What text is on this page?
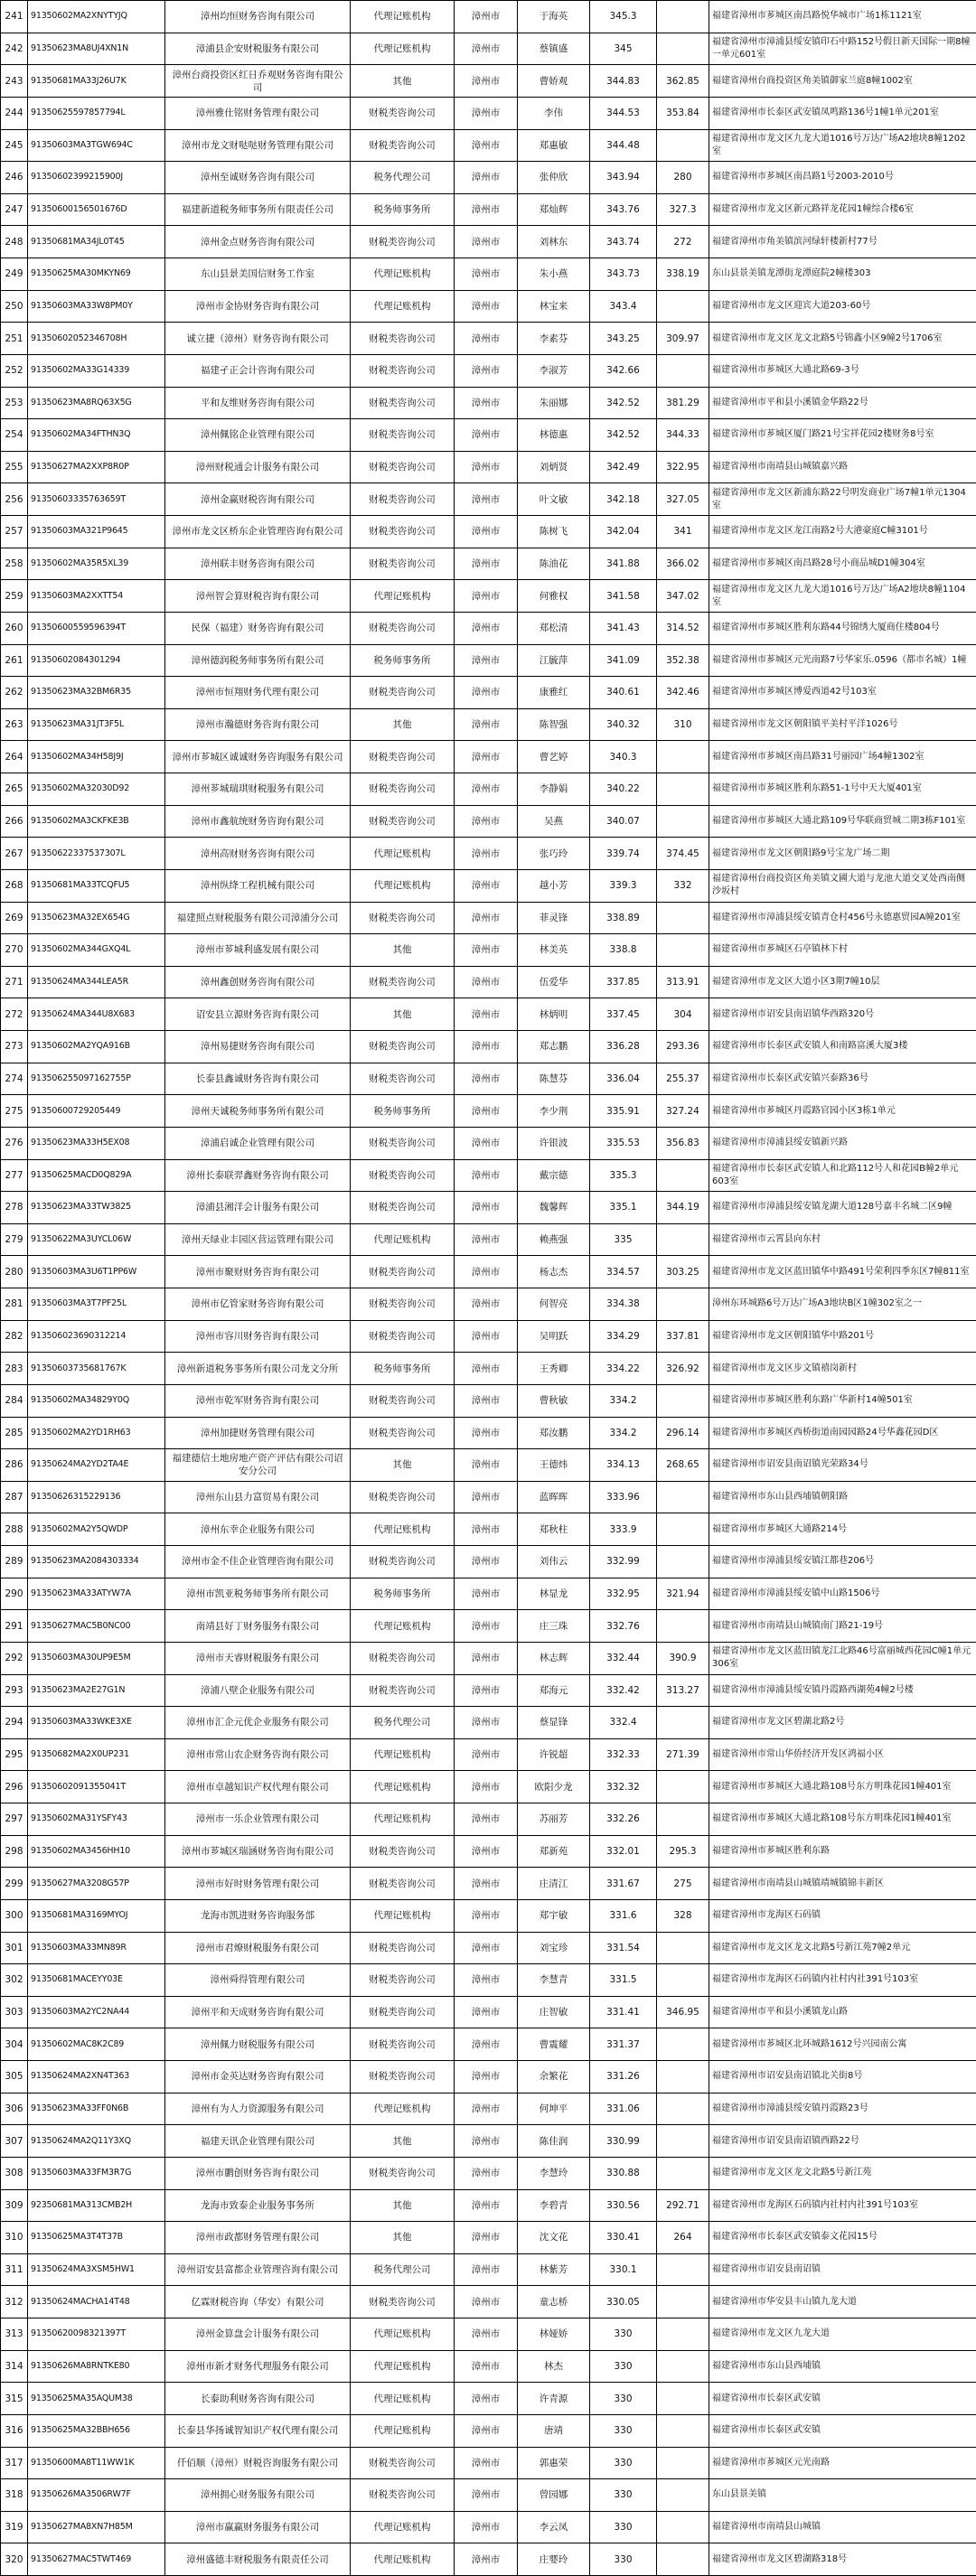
241	91350602MA2XNYTYJQ	漳州均恒财务咨询有限公司	代理记账机构	漳州市	于海英	345.3		福建省漳州市芗城区南昌路悦华城市广场1栋1121室
242	91350623MA8UJ4XN1N	漳浦县企安财税服务有限公司	代理记账机构	漳州市	蔡镇盛	345		福建省漳州市漳浦县绥安镇印石中路152号假日新天国际一期8幢一单元601室
243	91350681MA33J26U7K	漳州台商投资区红日乔观财务咨询有限公司	其他	漳州市	曹娇观	344.83	362.85	福建省漳州台商投资区角美镇御家兰庭8幢1002室
244	91350625597857794L	漳州雅仕铭财务管理有限公司	财税类咨询公司	漳州市	李伟	344.53	353.84	福建省漳州市长泰区武安镇凤鸣路136号1幢1单元201室
245	91350603MA3TGW694C	漳州市龙文财哒哒财务管理有限公司	财税类咨询公司	漳州市	郑惠敏	344.48		福建省漳州市龙文区九龙大道1016号万达广场A2地块8幢1202室
246	91350602399215900J	漳州至诚财务咨询有限公司	税务代理公司	漳州市	张仲欣	343.94	280	福建省漳州市芗城区南昌路1号2003-2010号
247	91350600156501676D	福建新道税务师事务所有限责任公司	税务师事务所	漳州市	郑灿辉	343.76	327.3	福建省漳州市龙文区新元路祥龙花园1幢综合楼6室
248	91350681MA34JL0T45	漳州金点财务咨询有限公司	财税类咨询公司	漳州市	刘林东	343.74	272	福建省漳州市角美镇滨河绿轩楼新村77号
249	91350625MA30MKYN69	东山县景美国信财务工作室	代理记账机构	漳州市	朱小燕	343.73	338.19	东山县景美镇龙潭街龙潭庭院2幢楼303
250	91350603MA33W8PM0Y	漳州市金协财务咨询有限公司	代理记账机构	漳州市	林宝来	343.4		福建省漳州市龙文区迎宾大道203-60号
251	91350602052346708H	诚立捷（漳州）财务咨询有限公司	财税类咨询公司	漳州市	李素芬	343.25	309.97	福建省漳州市龙文区龙文北路5号锦鑫小区9幢2号1706室
252	91350602MA33G14339	福建孑正会计咨询有限公司	财税类咨询公司	漳州市	李淑芳	342.66		福建省漳州市芗城区大通北路69-3号
253	91350623MA8RQ63X5G	平和友维财务咨询有限公司	财税类咨询公司	漳州市	朱丽娜	342.52	381.29	福建省漳州市平和县小溪镇金华路22号
254	91350602MA34FTHN3Q	漳州佩铭企业管理有限公司	财税类咨询公司	漳州市	林德惠	342.52	344.33	福建省漳州市芗城区厦门路21号宝祥花园2楼财务8号室
255	91350627MA2XXP8R0P	漳州财税通会计服务有限公司	财税类咨询公司	漳州市	刘炳贤	342.49	322.95	福建省漳州市南靖县山城镇嘉兴路
256	91350603335763659T	漳州金赢财税咨询有限公司	财税类咨询公司	漳州市	叶文敏	342.18	327.05	福建省漳州市龙文区新浦东路22号明发商业广场7幢1单元1304室
257	91350603MA321P9645	漳州市龙文区桥东企业管理咨询有限公司	财税类咨询公司	漳州市	陈树飞	342.04	341	福建省漳州市龙文区龙江南路2号大港豪庭C幢3101号
258	91350602MA35R5XL39	漳州联丰财务咨询有限公司	财税类咨询公司	漳州市	陈油花	341.88	366.02	福建省漳州市芗城区南昌路28号小商品城D1幢304室
259	91350603MA2XXTT54	漳州智会算财税咨询有限公司	代理记账机构	漳州市	何雅权	341.58	347.02	福建省漳州市龙文区九龙大道1016号万达广场A2地块8幢1104室
260	91350600559596394T	民保（福建）财务咨询有限公司	财税类咨询公司	漳州市	郑松清	341.43	314.52	福建省漳州市芗城区胜利东路44号锦绣大厦商住楼804号
261	91350602084301294	漳州德润税务师事务所有限公司	税务师事务所	漳州市	江毓萍	341.09	352.38	福建省漳州市芗城区元光南路7号华家乐.0596（都市名城）1幢
262	91350623MA32BM6R35	漳州市恒翔财务代理有限公司	财税类咨询公司	漳州市	康雅红	340.61	342.46	福建省漳州市芗城区博爱西道42号103室
263	91350623MA31JT3F5L	漳州市瀚德财务咨询有限公司	其他	漳州市	陈智强	340.32	310	福建省漳州市龙文区朝阳镇平美村平洋1026号
264	91350602MA34H58J9J	漳州市芗城区诚诚财务咨询服务有限公司	财税类咨询公司	漳州市	曹艺婷	340.3		福建省漳州市芗城区南昌路31号丽园广场4幢1302室
265	91350602MA32030D92	漳州芗城瑞琪财税服务有限公司	财税类咨询公司	漳州市	李静娟	340.22		福建省漳州市芗城区胜利东路51-1号中天大厦401室
266	91350602MA3CKFKE3B	漳州市鑫航统财务咨询有限公司	财税类咨询公司	漳州市	吴燕	340.07		福建省漳州市芗城区大通北路109号华联商贸城二期3栋F101室
267	91350622337537307L	漳州高财财务咨询有限公司	代理记账机构	漳州市	张巧玲	339.74	374.45	福建省漳州市龙文区朝阳路9号宝龙广场二期
268	91350681MA33TCQFU5	漳州纵绛工程机械有限公司	代理记账机构	漳州市	越小芳	339.3	332	福建省漳州台商投资区角美镇文圃大道与龙池大道交叉处西南侧沙坂村
269	91350623MA32EX654G	福建照点财税服务有限公司漳浦分公司	财税类咨询公司	漳州市	菲灵锋	338.89		福建省漳州市漳浦县绥安镇青仓村456号永德惠贸园A幢201室
270	91350602MA344GXQ4L	漳州市芗城利盛发展有限公司	其他	漳州市	林美英	338.8		福建省漳州市芗城区石亭镇林下村
271	91350624MA344LEA5R	漳州鑫创财务咨询有限公司	财税类咨询公司	漳州市	伍爱华	337.85	313.91	福建省漳州市龙文区大道小区3期7幢10层
272	91350624MA344U8X683	诏安县立源财务咨询有限公司	其他	漳州市	林炳明	337.45	304	福建省漳州市诏安县南诏镇华西路320号
273	91350602MA2YQA916B	漳州易捷财务咨询有限公司	财税类咨询公司	漳州市	郑志鹏	336.28	293.36	福建省漳州市长泰区武安镇人和南路富溪大厦3楼
274	913506255097162755P	长泰县鑫诚财务咨询有限公司	财税类咨询公司	漳州市	陈慧芬	336.04	255.37	福建省漳州市长泰区武安镇兴泰路36号
275	91350600729205449	漳州天诚税务师事务所有限公司	税务师事务所	漳州市	李少荆	335.91	327.24	福建省漳州市芗城区丹霞路官园小区3栋1单元
276	91350623MA33H5EX08	漳浦启诚企业管理有限公司	财税类咨询公司	漳州市	许银波	335.53	356.83	福建省漳州市漳浦县绥安镇新兴路
277	91350625MACD0Q829A	漳州长泰联羿鑫财务咨询有限公司	财税类咨询公司	漳州市	戴宗德	335.3		福建省漳州市长泰区武安镇人和北路112号人和花园B幢2单元603室
278	91350623MA33TW3825	漳浦县湘洋会计服务有限公司	财税类咨询公司	漳州市	魏馨辉	335.1	344.19	福建省漳州市漳浦县绥安镇龙湖大道128号嘉丰名城二区9幢
279	91350622MA3UYCL06W	漳州天绿业丰园区营运管理有限公司	代理记账机构	漳州市	赖燕强	335		福建省漳州市云霄县向东村
280	91350603MA3U6T1PP6W	漳州市聚财财务咨询有限公司	财税类咨询公司	漳州市	杨志杰	334.57	303.25	福建省漳州市龙文区蓝田镇华中路491号荣利四季东区7幢811室
281	91350603MA3T7PF25L	漳州市亿管家财务咨询有限公司	财税类咨询公司	漳州市	何智亮	334.38		漳州东环城路6号万达广场A3地块B区1幢302室之一
282	913506023690312214	漳州市容川财务咨询有限公司	财税类咨询公司	漳州市	吴明跃	334.29	337.81	福建省漳州市龙文区朝阳镇华中路201号
283	91350603735681767K	漳州新道税务事务所有限公司龙文分所	税务师事务所	漳州市	王秀卿	334.22	326.92	福建省漳州市龙文区步文镇禧岗新村
284	91350602MA34829Y0Q	漳州市乾军财务咨询有限公司	财税类咨询公司	漳州市	曹秋敏	334.2		福建省漳州市芗城区胜利东路广华新村14幢501室
285	91350602MA2YD1RH63	漳州加捷财务管理有限公司	财税类咨询公司	漳州市	郑汝鹏	334.2	296.14	福建省漳州市芗城区西桥街道南园园路24号华鑫花园D区
286	91350624MA2YD2TA4E	福建德信土地房地产资产评估有限公司诏安分公司	其他	漳州市	王德炜	334.13	268.65	福建省漳州市诏安县南诏镇光荣路34号
287	91350626315229136	漳州东山县力富贸易有限公司	财税类咨询公司	漳州市	蓝晖晖	333.96		福建省漳州市东山县西埔镇朝阳路
288	91350602MA2Y5QWDP	漳州东幸企业服务有限公司	代理记账机构	漳州市	郑秋柱	333.9		福建省漳州市芗城区大通路214号
289	91350623MA2084303334	漳州市金不佳企业管理咨询有限公司	财税类咨询公司	漳州市	刘伟云	332.99		福建省漳州市漳浦县绥安镇江都巷206号
290	91350623MA33ATYW7A	漳州市凯亚税务师事务所有限公司	税务师事务所	漳州市	林显龙	332.95	321.94	福建省漳州市漳浦县绥安镇中山路1506号
291	91350627MAC5B0NC00	南靖县好丁财务服务有限公司	代理记账机构	漳州市	庄三珠	332.76		福建省漳州市南靖县山城镇南门路21-19号
292	91350603MA30UP9E5M	漳州市天睿财税服务有限公司	财税类咨询公司	漳州市	林志辉	332.44	390.9	福建省漳州市龙文区蓝田镇龙江北路46号富丽城西花园C幢1单元306室
293	91350623MA2E27G1N	漳浦八壁企业服务有限公司	财税类咨询公司	漳州市	郑海元	332.42	313.27	福建省漳州市漳浦县绥安镇丹霞路西湖苑4幢2号楼
294	91350603MA33WKE3XE	漳州市汇企元优企业服务有限公司	税务代理公司	漳州市	蔡显锋	332.4		福建省漳州市龙文区碧湖北路2号
295	91350682MA2X0UP231	漳州市常山农企财务咨询有限公司	代理记账机构	漳州市	许锐超	332.33	271.39	福建省漳州市常山华侨经济开发区鸿福小区
296	91350602091355041T	漳州市卓越知识产权代理有限公司	代理记账机构	漳州市	欧阳少龙	332.32		福建省漳州市芗城区大通北路108号东方明珠花园1幢401室
297	91350602MA31YSFY43	漳州市一乐企业管理有限公司	代理记账机构	漳州市	苏丽芳	332.26		福建省漳州市芗城区大通北路108号东方明珠花园1幢401室
298	91350602MA3456HH10	漳州市芗城区瑞涵财务咨询有限公司	财税类咨询公司	漳州市	郑新苑	332.01	295.3	福建省漳州市芗城区胜利东路
299	91350627MA3208G57P	漳州市好时财务管理有限公司	财税类咨询公司	漳州市	庄清江	331.67	275	福建省漳州市南靖县山城镇靖城镇锦丰新区
300	91350681MA3169MYOJ	龙海市凯进财务咨询服务部	代理记账机构	漳州市	郑宇敏	331.6	328	福建省漳州市龙海区石码镇
301	91350603MA33MN89R	漳州市君燎财税服务有限公司	财税类咨询公司	漳州市	刘宝珍	331.54		福建省漳州市龙文区龙文北路5号新江苑7幢2单元
302	91350681MACEYY03E	漳州舜得管理有限公司	财税类咨询公司	漳州市	李慧青	331.5		福建省漳州市龙海区石码镇内社村内社391号103室
303	91350603MA2YC2NA44	漳州平和天成财务咨询有限公司	财税类咨询公司	漳州市	庄智敏	331.41	346.95	福建省漳州市平和县小溪镇龙山路
304	91350602MAC8K2C89	漳州佩力财税服务有限公司	财税类咨询公司	漳州市	曹震耀	331.37		福建省漳州市芗城区北环城路1612号兴园南公寓
305	91350624MA2XN4T363	漳州市金英达财务咨询有限公司	财税类咨询公司	漳州市	余繁花	331.26		福建省漳州市诏安县南诏镇北关街8号
306	91350623MA33FF0N6B	漳州有为人力资源服务有限公司	代理记账机构	漳州市	何坤平	331.06		福建省漳州市漳浦县绥安镇丹霞路23号
307	91350624MA2Q11Y3XQ	福建天讯企业管理有限公司	其他	漳州市	陈佳润	330.99		福建省漳州市诏安县南诏镇西路22号
308	91350603MA33FM3R7G	漳州市鹏创财务咨询有限公司	财税类咨询公司	漳州市	李慧玲	330.88		福建省漳州市龙文区龙文北路5号新江苑
309	92350681MA313CMB2H	龙海市致泰企业服务事务所	其他	漳州市	李碧青	330.56	292.71	福建省漳州市龙海区石码镇内社村内社391号103室
310	91350625MA3T4T37B	漳州市政都财务管理有限公司	其他	漳州市	沈文花	330.41	264	福建省漳州市长泰区武安镇泰文花园15号
311	91350624MA3XSM5HW1	漳州诏安县富都企业管理咨询有限公司	税务代理公司	漳州市	林紫芳	330.1		福建省漳州市诏安县南诏镇
312	91350624MACHA14T48	亿霖财税咨询（华安）有限公司	财税类咨询公司	漳州市	童志桥	330.05		福建省漳州市华安县丰山镇九龙大道
313	91350620098321397T	漳州金算盘会计服务有限公司	代理记账机构	漳州市	林娅娇	330		福建省漳州市龙文区九龙大道
314	91350626MA8RNTKE80	漳州市新才财务代理服务有限公司	代理记账机构	漳州市	林杰	330		福建省漳州市东山县西埔镇
315	91350625MA35AQUM38	长泰助利财务咨询有限公司	代理记账机构	漳州市	许青源	330		福建省漳州市长泰区武安镇
316	91350625MA32BBH656	长泰县华扬诚智知识产权代理有限公司	代理记账机构	漳州市	唐靖	330		福建省漳州市长泰区武安镇
317	91350600MA8T11WW1K	仟佰顺（漳州）财税咨询服务有限公司	财税类咨询公司	漳州市	郭惠荣	330		福建省漳州市芗城区元光南路
318	91350626MA3506RW7F	漳州拥心财务服务有限公司	财税类咨询公司	漳州市	曾园娜	330		东山县景美镇
319	91350627MA8XN7H85M	漳州市赢赢财务服务有限公司	代理记账机构	漳州市	李云凤	330		福建省漳州市南靖县山城镇
320	91350627MAC5TWT469	漳州盛德丰财税服务有限责任公司	代理记账机构	漳州市	庄婴玲	330		福建省漳州市龙文区碧湖路318号
